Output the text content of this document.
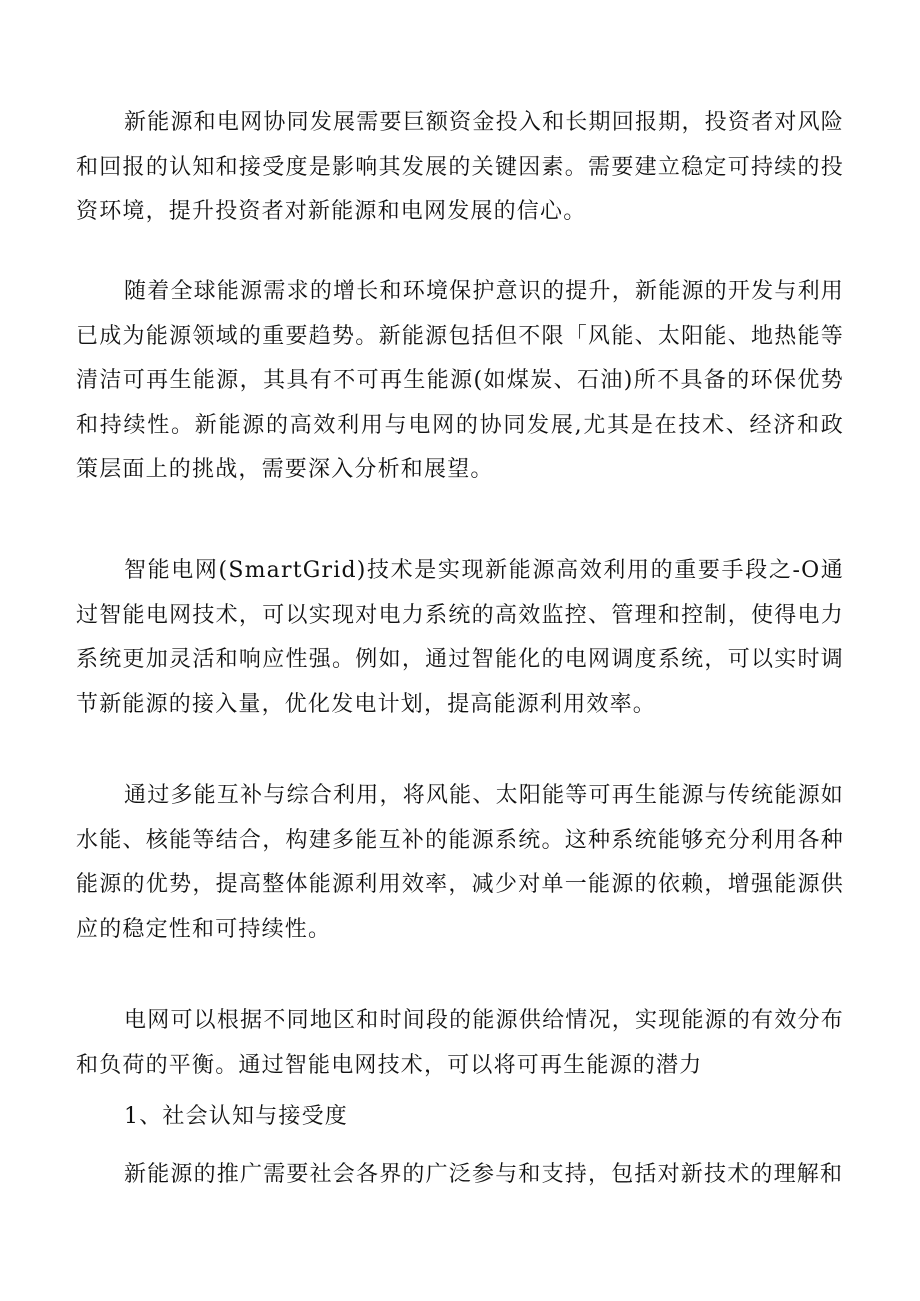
新能源和电网协同发展需要巨额资金投入和长期回报期，投资者对风险和回报的认知和接受度是影响其发展的关键因素。需要建立稳定可持续的投资环境，提升投资者对新能源和电网发展的信心。

随着全球能源需求的增长和环境保护意识的提升，新能源的开发与利用已成为能源领域的重要趋势。新能源包括但不限「风能、太阳能、地热能等清洁可再生能源，其具有不可再生能源(如煤炭、石油)所不具备的环保优势和持续性。新能源的高效利用与电网的协同发展,尤其是在技术、经济和政策层面上的挑战，需要深入分析和展望。

智能电网(SmartGrid)技术是实现新能源高效利用的重要手段之-O通过智能电网技术，可以实现对电力系统的高效监控、管理和控制，使得电力系统更加灵活和响应性强。例如，通过智能化的电网调度系统，可以实时调节新能源的接入量，优化发电计划，提高能源利用效率。

通过多能互补与综合利用，将风能、太阳能等可再生能源与传统能源如水能、核能等结合，构建多能互补的能源系统。这种系统能够充分利用各种能源的优势，提高整体能源利用效率，减少对单一能源的依赖，增强能源供应的稳定性和可持续性。

电网可以根据不同地区和时间段的能源供给情况，实现能源的有效分布和负荷的平衡。通过智能电网技术，可以将可再生能源的潜力

1、社会认知与接受度

新能源的推广需要社会各界的广泛参与和支持，包括对新技术的理解和
